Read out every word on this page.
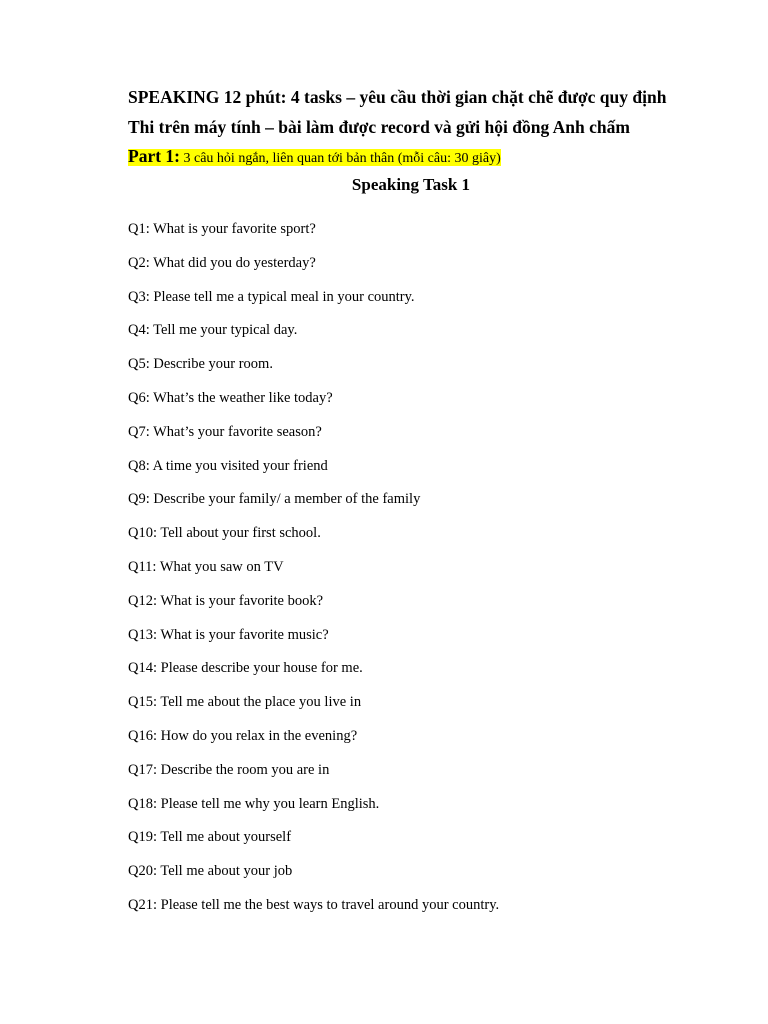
SPEAKING 12 phút: 4 tasks – yêu cầu thời gian chặt chẽ được quy định
Thi trên máy tính – bài làm được record và gửi hội đồng Anh chấm
Part 1: 3 câu hỏi ngắn, liên quan tới bản thân (mỗi câu: 30 giây)
Speaking Task 1
Q1: What is your favorite sport?
Q2: What did you do yesterday?
Q3: Please tell me a typical meal in your country.
Q4: Tell me your typical day.
Q5: Describe your room.
Q6: What’s the weather like today?
Q7: What’s your favorite season?
Q8: A time you visited your friend
Q9: Describe your family/ a member of the family
Q10: Tell about your first school.
Q11: What you saw on TV
Q12: What is your favorite book?
Q13: What is your favorite music?
Q14: Please describe your house for me.
Q15: Tell me about the place you live in
Q16: How do you relax in the evening?
Q17: Describe the room you are in
Q18: Please tell me why you learn English.
Q19: Tell me about yourself
Q20: Tell me about your job
Q21: Please tell me the best ways to travel around your country.
